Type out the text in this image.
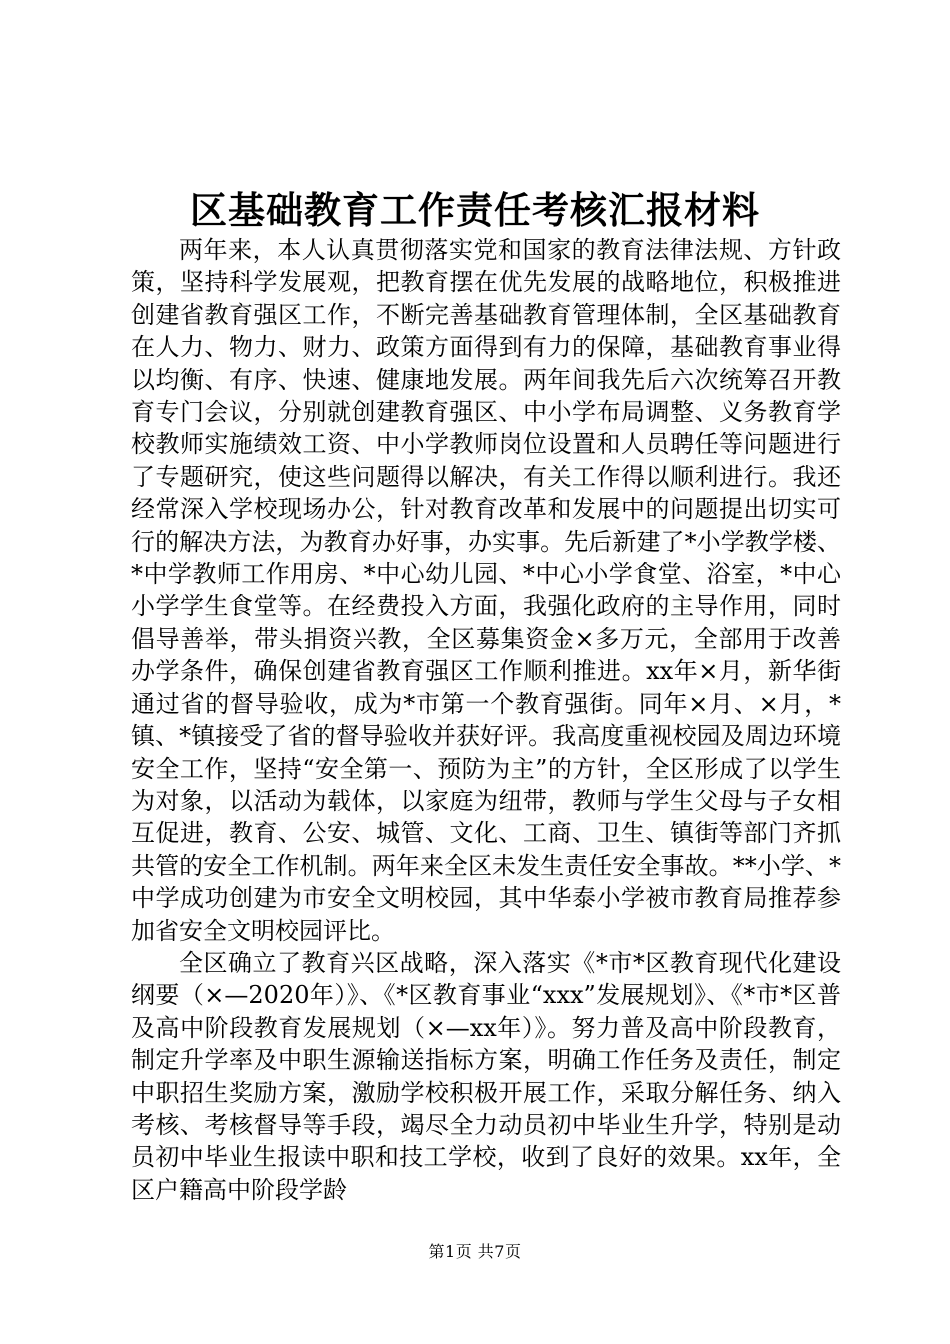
区基础教育工作责任考核汇报材料

两年来，本人认真贯彻落实党和国家的教育法律法规、方针政策，坚持科学发展观，把教育摆在优先发展的战略地位，积极推进创建省教育强区工作，不断完善基础教育管理体制，全区基础教育在人力、物力、财力、政策方面得到有力的保障，基础教育事业得以均衡、有序、快速、健康地发展。两年间我先后六次统筹召开教育专门会议，分别就创建教育强区、中小学布局调整、义务教育学校教师实施绩效工资、中小学教师岗位设置和人员聘任等问题进行了专题研究，使这些问题得以解决，有关工作得以顺利进行。我还经常深入学校现场办公，针对教育改革和发展中的问题提出切实可行的解决方法，为教育办好事，办实事。先后新建了*小学教学楼、*中学教师工作用房、*中心幼儿园、*中心小学食堂、浴室，*中心小学学生食堂等。在经费投入方面，我强化政府的主导作用，同时倡导善举，带头捐资兴教，全区募集资金×多万元，全部用于改善办学条件，确保创建省教育强区工作顺利推进。xx年×月，新华街通过省的督导验收，成为*市第一个教育强街。同年×月、×月，*镇、*镇接受了省的督导验收并获好评。我高度重视校园及周边环境安全工作，坚持“安全第一、预防为主”的方针，全区形成了以学生为对象，以活动为载体，以家庭为纽带，教师与学生父母与子女相互促进，教育、公安、城管、文化、工商、卫生、镇街等部门齐抓共管的安全工作机制。两年来全区未发生责任安全事故。**小学、*中学成功创建为市安全文明校园，其中华泰小学被市教育局推荐参加省安全文明校园评比。

全区确立了教育兴区战略，深入落实《*市*区教育现代化建设纲要（×—2020年）》、《*区教育事业“xxx”发展规划》、《*市*区普及高中阶段教育发展规划（×—xx年）》。努力普及高中阶段教育，制定升学率及中职生源输送指标方案，明确工作任务及责任，制定中职招生奖励方案，激励学校积极开展工作，采取分解任务、纳入考核、考核督导等手段，竭尽全力动员初中毕业生升学，特别是动员初中毕业生报读中职和技工学校，收到了良好的效果。xx年，全区户籍高中阶段学龄

第1页 共7页
